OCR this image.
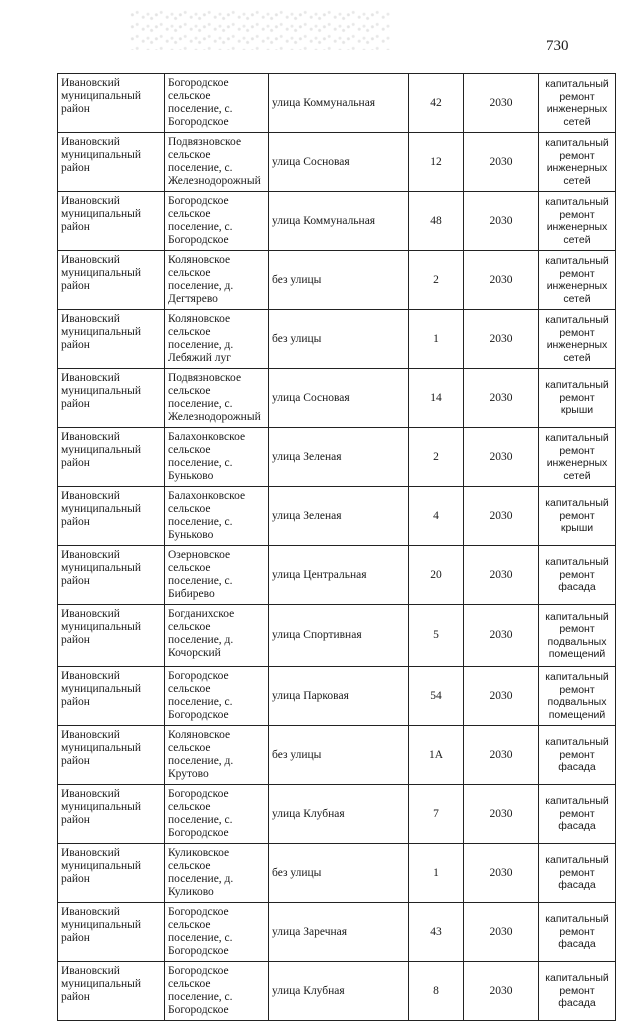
730
Ивановский муниципальный район	Богородское сельское поселение, с. Богородское	улица Коммунальная	42	2030	капитальный ремонт инженерных сетей
Ивановский муниципальный район	Подвязновское сельское поселение, с. Железнодорожный	улица Сосновая	12	2030	капитальный ремонт инженерных сетей
Ивановский муниципальный район	Богородское сельское поселение, с. Богородское	улица Коммунальная	48	2030	капитальный ремонт инженерных сетей
Ивановский муниципальный район	Коляновское сельское поселение, д. Дегтярево	без улицы	2	2030	капитальный ремонт инженерных сетей
Ивановский муниципальный район	Коляновское сельское поселение, д. Лебяжий луг	без улицы	1	2030	капитальный ремонт инженерных сетей
Ивановский муниципальный район	Подвязновское сельское поселение, с. Железнодорожный	улица Сосновая	14	2030	капитальный ремонт крыши
Ивановский муниципальный район	Балахонковское сельское поселение, с. Буньково	улица Зеленая	2	2030	капитальный ремонт инженерных сетей
Ивановский муниципальный район	Балахонковское сельское поселение, с. Буньково	улица Зеленая	4	2030	капитальный ремонт крыши
Ивановский муниципальный район	Озерновское сельское поселение, с. Бибирево	улица Центральная	20	2030	капитальный ремонт фасада
Ивановский муниципальный район	Богданихское сельское поселение, д. Кочорский	улица Спортивная	5	2030	капитальный ремонт подвальных помещений
Ивановский муниципальный район	Богородское сельское поселение, с. Богородское	улица Парковая	54	2030	капитальный ремонт подвальных помещений
Ивановский муниципальный район	Коляновское сельское поселение, д. Крутово	без улицы	1А	2030	капитальный ремонт фасада
Ивановский муниципальный район	Богородское сельское поселение, с. Богородское	улица Клубная	7	2030	капитальный ремонт фасада
Ивановский муниципальный район	Куликовское сельское поселение, д. Куликово	без улицы	1	2030	капитальный ремонт фасада
Ивановский муниципальный район	Богородское сельское поселение, с. Богородское	улица Заречная	43	2030	капитальный ремонт фасада
Ивановский муниципальный район	Богородское сельское поселение, с. Богородское	улица Клубная	8	2030	капитальный ремонт фасада
